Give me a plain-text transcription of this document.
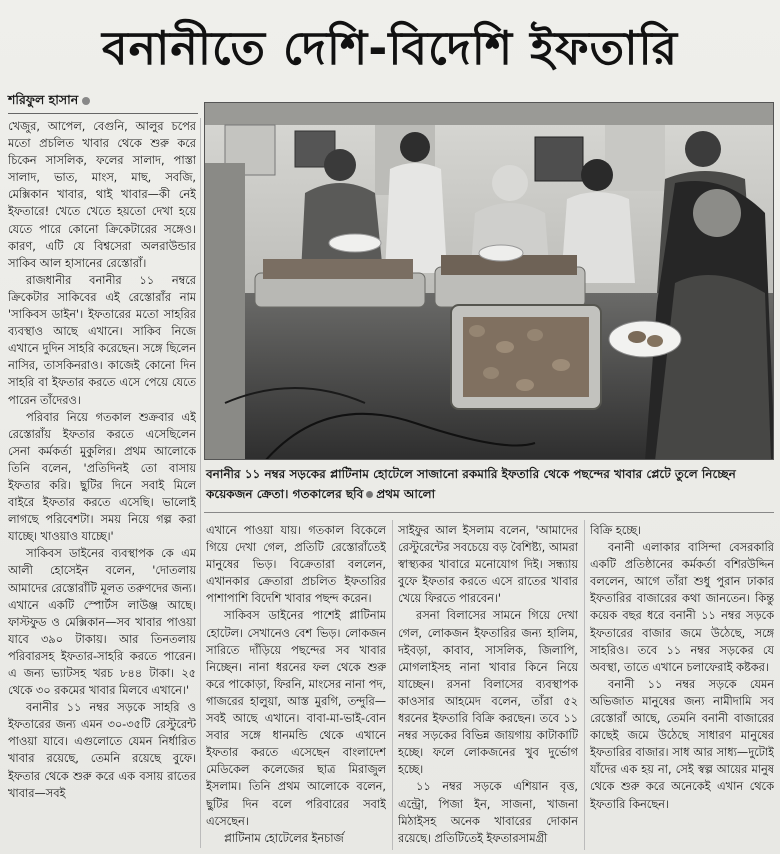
বনানীতে দেশি-বিদেশি ইফতারি
শরিফুল হাসান

খেজুর, আপেল, বেগুনি, আলুর চপের মতো প্রচলিত খাবার থেকে শুরু করে চিকেন সাসলিক, ফলের সালাদ, পাস্তা সালাদ, ভাত, মাংস, মাছ, সবজি, মেক্সিকান খাবার, থাই খাবার—কী নেই ইফতারে! খেতে খেতে হয়তো দেখা হয়ে যেতে পারে কোনো ক্রিকেটারের সঙ্গেও। কারণ, এটি যে বিশ্বসেরা অলরাউন্ডার সাকিব আল হাসানের রেস্তোরাঁ।

রাজধানীর বনানীর ১১ নম্বরে ক্রিকেটার সাকিবের এই রেস্তোরাঁর নাম 'সাকিবস ডাইন'। ইফতারের মতো সাহরির ব্যবস্থাও আছে এখানে। সাকিব নিজে এখানে দুদিন সাহরি করেছেন। সঙ্গে ছিলেন নাসির, তাসকিনরাও। কাজেই কোনো দিন সাহরি বা ইফতার করতে এসে পেয়ে যেতে পারেন তাঁদেরও।

পরিবার নিয়ে গতকাল শুক্রবার এই রেস্তোরাঁয় ইফতার করতে এসেছিলেন সেনা কর্মকর্তা মুকুলির। প্রথম আলোকে তিনি বলেন, 'প্রতিদিনই তো বাসায় ইফতার করি। ছুটির দিনে সবাই মিলে বাইরে ইফতার করতে এসেছি। ভালোই লাগছে পরিবেশটা। সময় নিয়ে গল্প করা যাচ্ছে। খাওয়াও যাচ্ছে।'

সাকিবস ডাইনের ব্যবস্থাপক কে এম আলী হোসেইন বলেন, 'দোতলায় আমাদের রেস্তোরাঁটি মূলত তরুণদের জন্য। এখানে একটি স্পোর্টস লাউঞ্জ আছে। ফাস্টফুড ও মেক্সিকান—সব খাবার পাওয়া যাবে ৩৯০ টাকায়। আর তিনতলায় পরিবারসহ ইফতার-সাহরি করতে পারেন। এ জন্য ভ্যাটসহ খরচ ৮৪৪ টাকা। ২৫ থেকে ৩০ রকমের খাবার মিলবে এখানে।'

বনানীর ১১ নম্বর সড়কে সাহরি ও ইফতারের জন্য এমন ৩০-৩৫টি রেস্টুরেন্ট পাওয়া যাবে। এগুলোতে যেমন নির্ধারিত খাবার রয়েছে, তেমনি রয়েছে বুফে। ইফতার থেকে শুরু করে এক বসায় রাতের খাবার—সবই

বনানীর ১১ নম্বর সড়কের প্লাটিনাম হোটেলে সাজানো রকমারি ইফতারি থেকে পছন্দের খাবার প্লেটে তুলে নিচ্ছেন কয়েকজন ক্রেতা। গতকালের ছবি প্রথম আলো

এখানে পাওয়া যায়। গতকাল বিকেলে গিয়ে দেখা গেল, প্রতিটি রেস্তোরাঁতেই মানুষের ভিড়। বিক্রেতারা বললেন, এখানকার ক্রেতারা প্রচলিত ইফতারির পাশাপাশি বিদেশি খাবার পছন্দ করেন।

সাকিবস ডাইনের পাশেই প্লাটিনাম হোটেল। সেখানেও বেশ ভিড়। লোকজন সারিতে দাঁড়িয়ে পছন্দের সব খাবার নিচ্ছেন। নানা ধরনের ফল থেকে শুরু করে পাকোড়া, ফিরনি, মাংসের নানা পদ, গাজরের হালুয়া, আস্ত মুরগি, তন্দুরি—সবই আছে এখানে। বাবা-মা-ভাই-বোন সবার সঙ্গে ধানমন্ডি থেকে এখানে ইফতার করতে এসেছেন বাংলাদেশ মেডিকেল কলেজের ছাত্র মিরাজুল ইসলাম। তিনি প্রথম আলোকে বলেন, ছুটির দিন বলে পরিবারের সবাই এসেছেন।

প্লাটিনাম হোটেলের ইনচার্জ

সাইফুর আল ইসলাম বলেন, 'আমাদের রেস্টুরেন্টের সবচেয়ে বড় বৈশিষ্ট্য, আমরা স্বাস্থ্যকর খাবারে মনোযোগ দিই। সন্ধ্যায় বুফে ইফতার করতে এসে রাতের খাবার খেয়ে ফিরতে পারবেন।'

রসনা বিলাসের সামনে গিয়ে দেখা গেল, লোকজন ইফতারির জন্য হালিম, দইবড়া, কাবাব, সাসলিক, জিলাপি, মোগলাইসহ নানা খাবার কিনে নিয়ে যাচ্ছেন। রসনা বিলাসের ব্যবস্থাপক কাওসার আহমেদ বলেন, তাঁরা ৫২ ধরনের ইফতারি বিক্রি করছেন। তবে ১১ নম্বর সড়কের বিভিন্ন জায়গায় কাটাকাটি হচ্ছে। ফলে লোকজনের খুব দুর্ভোগ হচ্ছে।

১১ নম্বর সড়কে এশিয়ান বৃত্ত, এন্ট্রো, পিজা ইন, সাজনা, খাজনা মিঠাইসহ অনেক খাবারের দোকান রয়েছে। প্রতিটিতেই ইফতারসামগ্রী

বিক্রি হচ্ছে।

বনানী এলাকার বাসিন্দা বেসরকারি একটি প্রতিষ্ঠানের কর্মকর্তা বশিরউদ্দিন বললেন, আগে তাঁরা শুধু পুরান ঢাকার ইফতারির বাজারের কথা জানতেন। কিন্তু কয়েক বছর ধরে বনানী ১১ নম্বর সড়কে ইফতারের বাজার জমে উঠেছে, সঙ্গে সাহরিও। তবে ১১ নম্বর সড়কের যে অবস্থা, তাতে এখানে চলাফেরাই কষ্টকর।

বনানী ১১ নম্বর সড়কে যেমন অভিজাত মানুষের জন্য নামীদামি সব রেস্তোরাঁ আছে, তেমনি বনানী বাজারের কাছেই জমে উঠেছে সাধারণ মানুষের ইফতারির বাজার। সাধ আর সাধ্য—দুটোই যাঁদের এক হয় না, সেই স্বল্প আয়ের মানুষ থেকে শুরু করে অনেকেই এখান থেকে ইফতারি কিনছেন।
